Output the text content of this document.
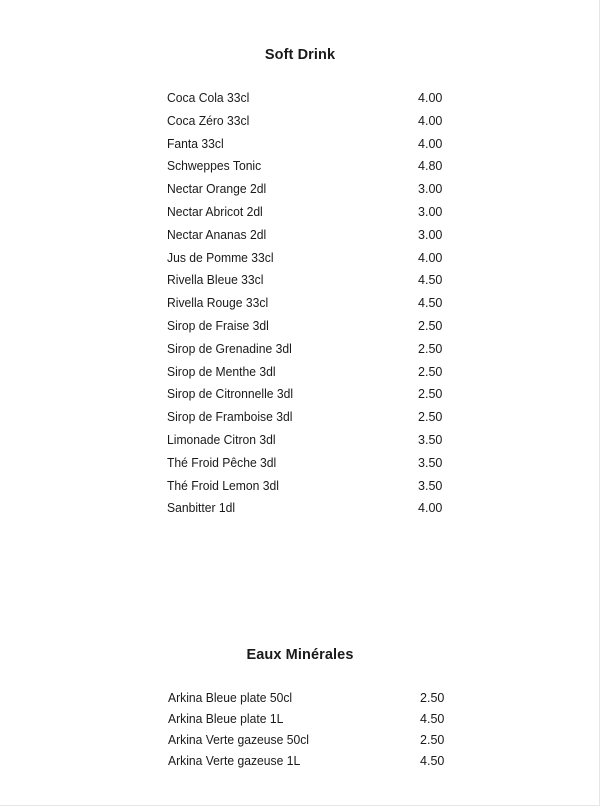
Soft Drink
Coca Cola 33cl	4.00
Coca Zéro 33cl	4.00
Fanta 33cl	4.00
Schweppes Tonic	4.80
Nectar Orange 2dl	3.00
Nectar Abricot 2dl	3.00
Nectar Ananas 2dl	3.00
Jus de Pomme 33cl	4.00
Rivella Bleue 33cl	4.50
Rivella Rouge 33cl	4.50
Sirop de Fraise 3dl	2.50
Sirop de Grenadine 3dl	2.50
Sirop de Menthe 3dl	2.50
Sirop de Citronnelle 3dl	2.50
Sirop de Framboise 3dl	2.50
Limonade Citron 3dl	3.50
Thé Froid Pêche 3dl	3.50
Thé Froid Lemon 3dl	3.50
Sanbitter 1dl	4.00
Eaux Minérales
Arkina Bleue plate 50cl	2.50
Arkina Bleue plate 1L	4.50
Arkina Verte gazeuse 50cl	2.50
Arkina Verte gazeuse 1L	4.50
